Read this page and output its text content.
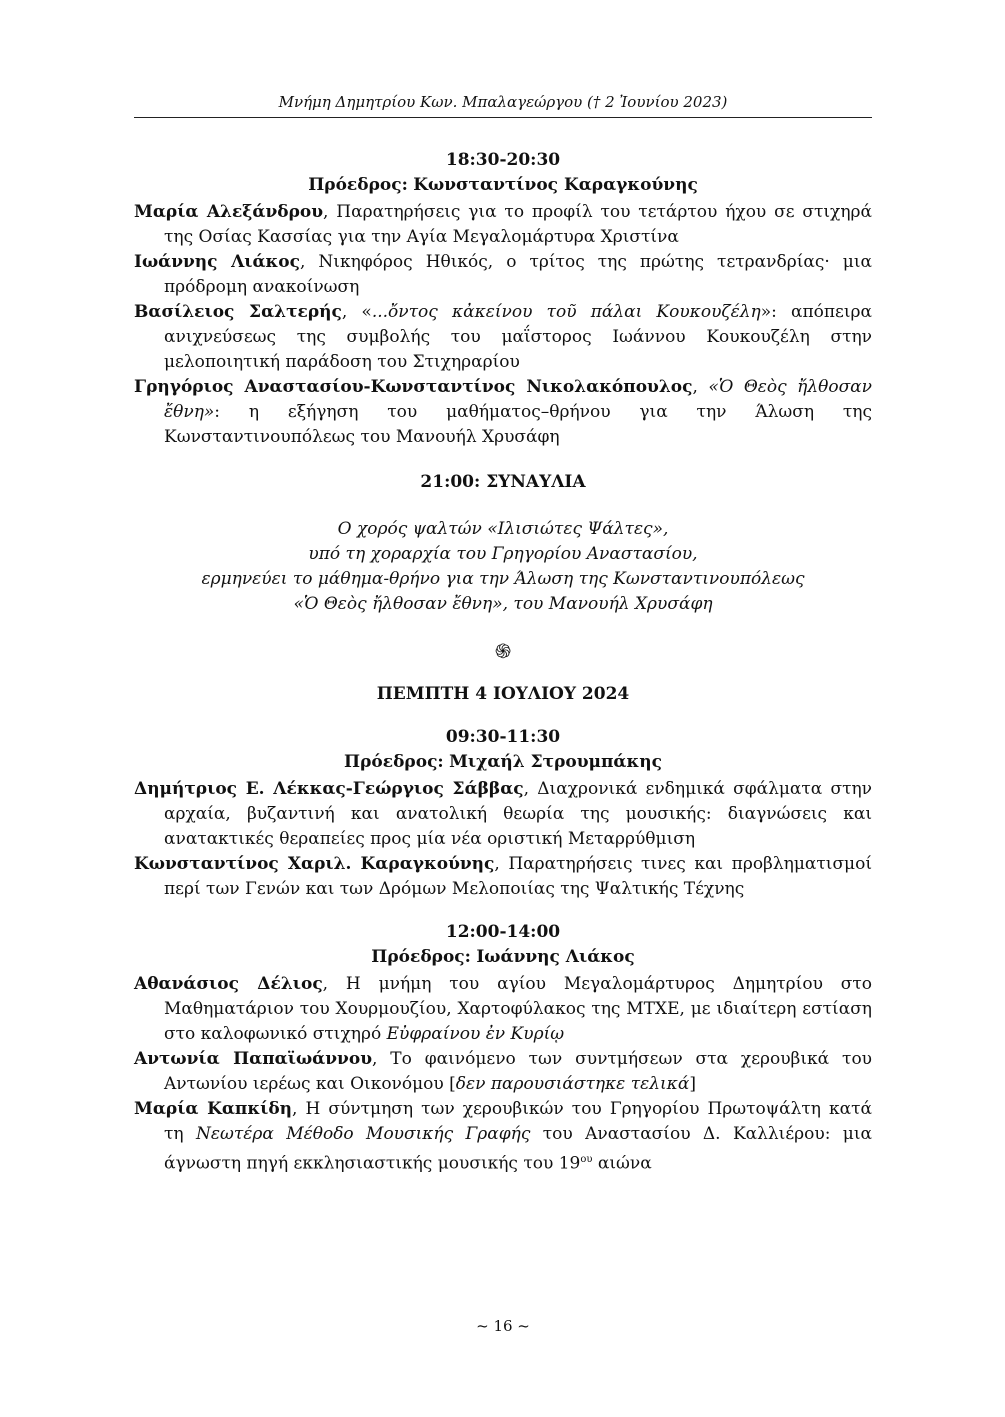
Μνήμη Δημητρίου Κων. Μπαλαγεώργου († 2 Ἰουνίου 2023)

18:30-20:30

Πρόεδρος: Κωνσταντίνος Καραγκούνης

Μαρία Αλεξάνδρου, Παρατηρήσεις για το προφίλ του τετάρτου ήχου σε στιχηρά της Οσίας Κασσίας για την Αγία Μεγαλομάρτυρα Χριστίνα

Ιωάννης Λιάκος, Νικηφόρος Ηθικός, ο τρίτος της πρώτης τετρανδρίας· μια πρόδρομη ανακοίνωση

Βασίλειος Σαλτερής, «...ὄντος κἀκείνου τοῦ πάλαι Κουκουζέλη»: απόπειρα ανιχνεύσεως της συμβολής του μαΐστορος Ιωάννου Κουκουζέλη στην μελοποιητική παράδοση του Στιχηραρίου

Γρηγόριος Αναστασίου-Κωνσταντίνος Νικολακόπουλος, «Ὁ Θεὸς ἤλθοσαν ἔθνη»: η εξήγηση του μαθήματος–θρήνου για την Άλωση της Κωνσταντινουπόλεως του Μανουήλ Χρυσάφη

21:00: ΣΥΝΑΥΛΙΑ

Ο χορός ψαλτών «Ιλισιώτες Ψάλτες»,
υπό τη χοραρχία του Γρηγορίου Αναστασίου,
ερμηνεύει το μάθημα-θρήνο για την Άλωση της Κωνσταντινουπόλεως
«Ὁ Θεὸς ἤλθοσαν ἔθνη», του Μανουήλ Χρυσάφη
֍

ΠΕΜΠΤΗ 4 ΙΟΥΛΙΟΥ 2024

09:30-11:30

Πρόεδρος: Μιχαήλ Στρουμπάκης

Δημήτριος Ε. Λέκκας-Γεώργιος Σάββας, Διαχρονικά ενδημικά σφάλματα στην αρχαία, βυζαντινή και ανατολική θεωρία της μουσικής: διαγνώσεις και ανατακτικές θεραπείες προς μία νέα οριστική Μεταρρύθμιση

Κωνσταντίνος Χαριλ. Καραγκούνης, Παρατηρήσεις τινες και προβληματισμοί περί των Γενών και των Δρόμων Μελοποιίας της Ψαλτικής Τέχνης

12:00-14:00

Πρόεδρος: Ιωάννης Λιάκος

Αθανάσιος Δέλιος, Η μνήμη του αγίου Μεγαλομάρτυρος Δημητρίου στο Μαθηματάριον του Χουρμουζίου, Χαρτοφύλακος της ΜΤΧΕ, με ιδιαίτερη εστίαση στο καλοφωνικό στιχηρό Εὐφραίνου ἐν Κυρίῳ

Αντωνία Παπαϊωάννου, Το φαινόμενο των συντμήσεων στα χερουβικά του Αντωνίου ιερέως και Οικονόμου [δεν παρουσιάστηκε τελικά]

Μαρία Καπκίδη, Η σύντμηση των χερουβικών του Γρηγορίου Πρωτοψάλτη κατά τη Νεωτέρα Μέθοδο Μουσικής Γραφής του Αναστασίου Δ. Καλλιέρου: μια άγνωστη πηγή εκκλησιαστικής μουσικής του $19^{o\upsilon}$ αιώνα

~ 16 ~
